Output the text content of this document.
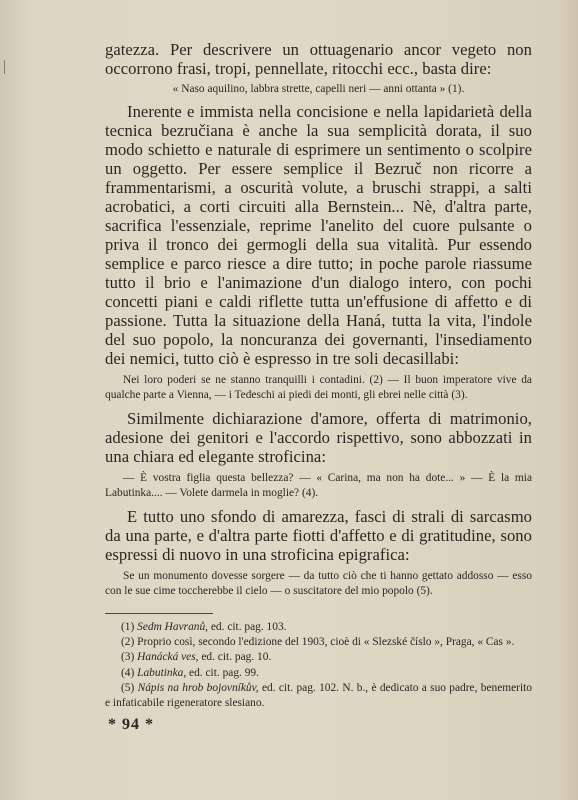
gatezza. Per descrivere un ottuagenario ancor vegeto non occorrono frasi, tropi, pennellate, ritocchi ecc., basta dire:

« Naso aquilino, labbra strette, capelli neri — anni ottanta » (1).

Inerente e immista nella concisione e nella lapidarietà della tecnica bezručiana è anche la sua semplicità dorata, il suo modo schietto e naturale di esprimere un sentimento o scolpire un oggetto. Per essere semplice il Bezruč non ricorre a frammentarismi, a oscurità volute, a bruschi strappi, a salti acrobatici, a corti circuiti alla Bernstein... Nè, d'altra parte, sacrifica l'essenziale, reprime l'anelito del cuore pulsante o priva il tronco dei germogli della sua vitalità. Pur essendo semplice e parco riesce a dire tutto; in poche parole riassume tutto il brio e l'animazione d'un dialogo intero, con pochi concetti piani e caldi riflette tutta un'effusione di affetto e di passione. Tutta la situazione della Haná, tutta la vita, l'indole del suo popolo, la noncuranza dei governanti, l'insediamento dei nemici, tutto ciò è espresso in tre soli decasillabi:

Nei loro poderi se ne stanno tranquilli i contadini. (2) — Il buon imperatore vive da qualche parte a Vienna, — i Tedeschi ai piedi dei monti, gli ebrei nelle città (3).

Similmente dichiarazione d'amore, offerta di matrimonio, adesione dei genitori e l'accordo rispettivo, sono abbozzati in una chiara ed elegante stroficina:

— È vostra figlia questa bellezza? — « Carina, ma non ha dote... » — È la mia Labutinka.... — Volete darmela in moglie? (4).

E tutto uno sfondo di amarezza, fasci di strali di sarcasmo da una parte, e d'altra parte fiotti d'affetto e di gratitudine, sono espressi di nuovo in una stroficina epigrafica:

Se un monumento dovesse sorgere — da tutto ciò che ti hanno gettato addosso — esso con le sue cime toccherebbe il cielo — o suscitatore del mio popolo (5).

(1) Sedm Havranů, ed. cit. pag. 103.

(2) Proprio così, secondo l'edizione del 1903, cioè di « Slezské číslo », Praga, « Cas ».

(3) Hanácká ves, ed. cit. pag. 10.

(4) Labutinka, ed. cit. pag. 99.

(5) Nápis na hrob bojovníkův, ed. cit. pag. 102. N. b., è dedicato a suo padre, benemerito e infaticabile rigeneratore slesiano.

* 94 *
